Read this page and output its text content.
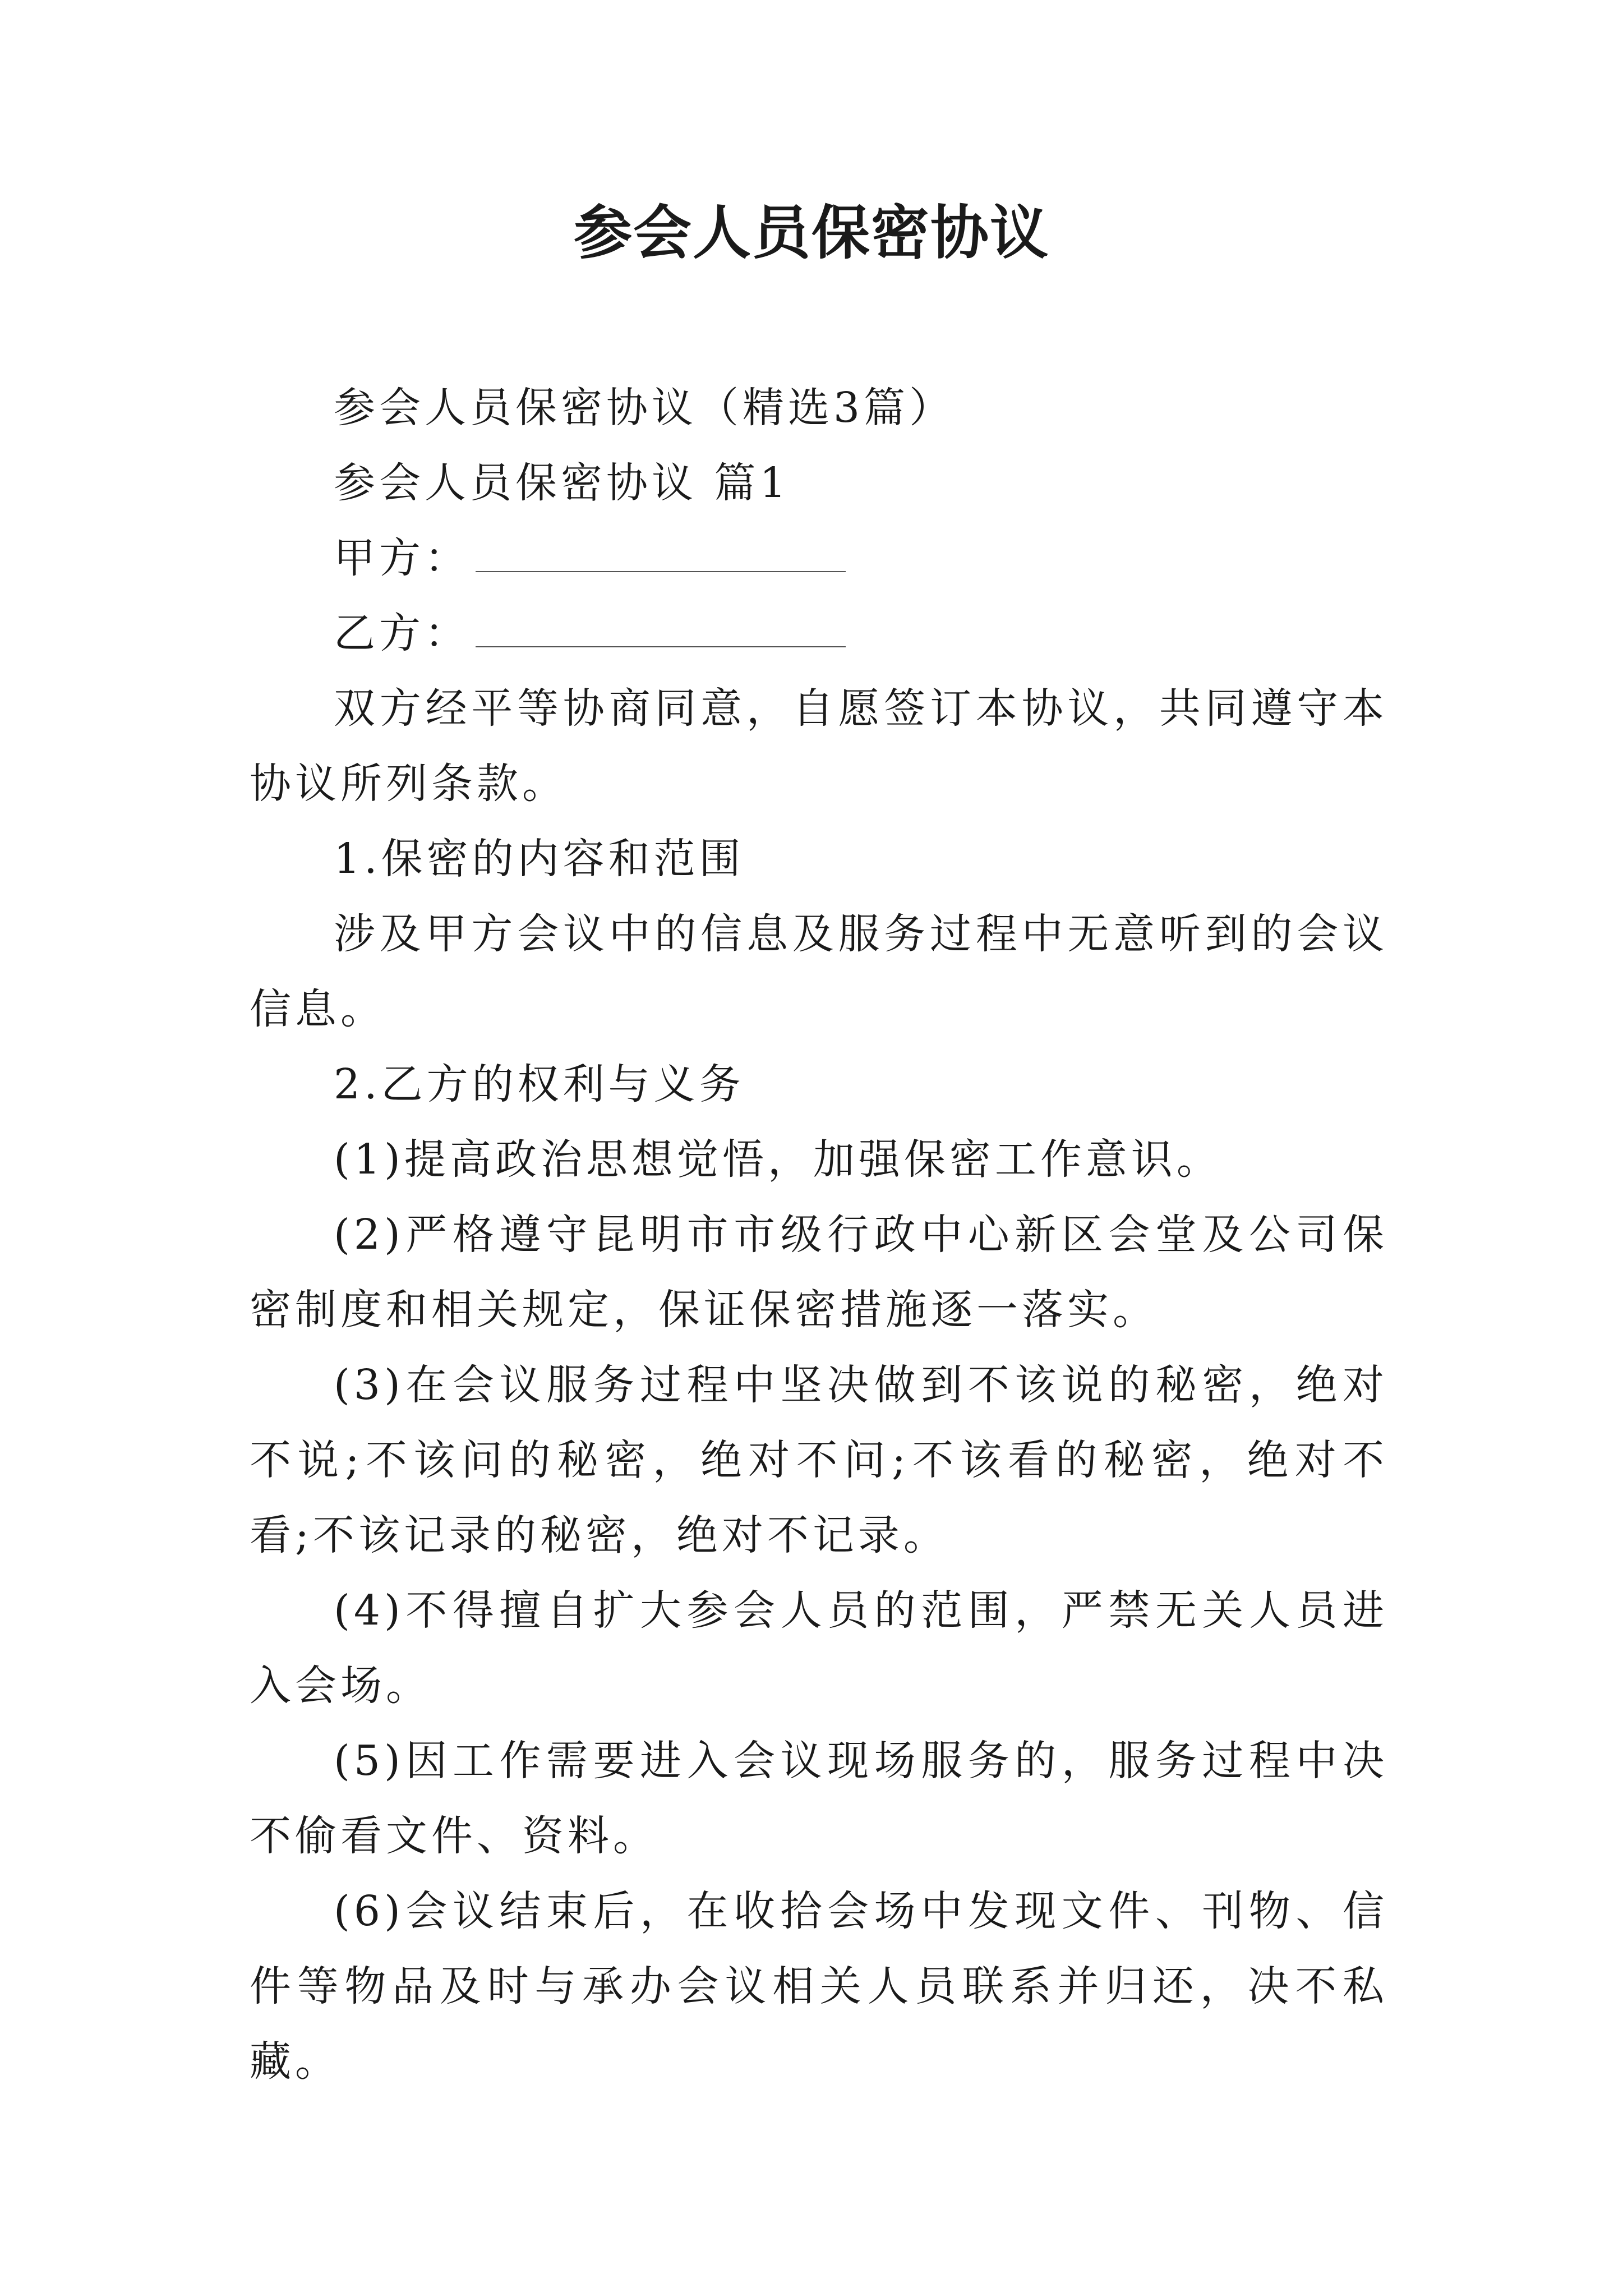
参会人员保密协议

参会人员保密协议（精选3篇）

参会人员保密协议 篇1

甲方：
乙方：

双方经平等协商同意，自愿签订本协议，共同遵守本协议所列条款。

1.保密的内容和范围

涉及甲方会议中的信息及服务过程中无意听到的会议信息。

2.乙方的权利与义务

(1)提高政治思想觉悟，加强保密工作意识。

(2)严格遵守昆明市市级行政中心新区会堂及公司保密制度和相关规定，保证保密措施逐一落实。

(3)在会议服务过程中坚决做到不该说的秘密，绝对不说;不该问的秘密，绝对不问;不该看的秘密，绝对不看;不该记录的秘密，绝对不记录。

(4)不得擅自扩大参会人员的范围，严禁无关人员进入会场。

(5)因工作需要进入会议现场服务的，服务过程中决不偷看文件、资料。

(6)会议结束后，在收拾会场中发现文件、刊物、信件等物品及时与承办会议相关人员联系并归还，决不私藏。
